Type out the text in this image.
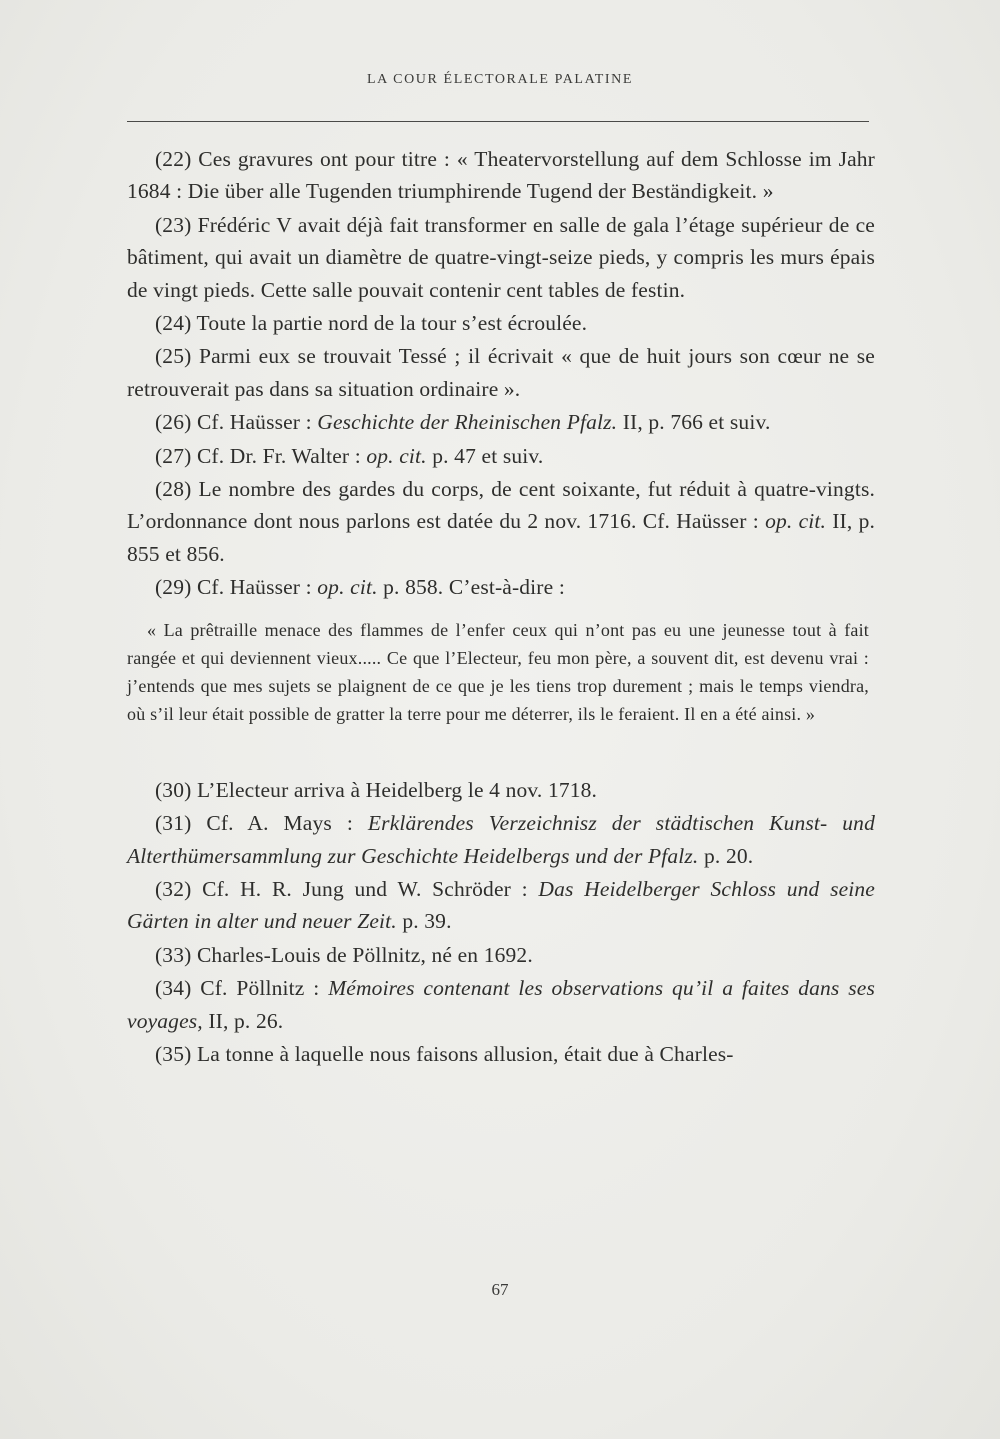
LA COUR ÉLECTORALE PALATINE

(22) Ces gravures ont pour titre : « Theatervorstellung auf dem Schlosse im Jahr 1684 : Die über alle Tugenden triumphirende Tugend der Beständigkeit. »

(23) Frédéric V avait déjà fait transformer en salle de gala l’étage supérieur de ce bâtiment, qui avait un diamètre de quatre-vingt-seize pieds, y compris les murs épais de vingt pieds. Cette salle pouvait contenir cent tables de festin.

(24) Toute la partie nord de la tour s’est écroulée.

(25) Parmi eux se trouvait Tessé ; il écrivait « que de huit jours son cœur ne se retrouverait pas dans sa situation ordinaire ».

(26) Cf. Haüsser : Geschichte der Rheinischen Pfalz. II, p. 766 et suiv.

(27) Cf. Dr. Fr. Walter : op. cit. p. 47 et suiv.

(28) Le nombre des gardes du corps, de cent soixante, fut réduit à quatre-vingts. L’ordonnance dont nous parlons est datée du 2 nov. 1716. Cf. Haüsser : op. cit. II, p. 855 et 856.

(29) Cf. Haüsser : op. cit. p. 858. C’est-à-dire :

« La prêtraille menace des flammes de l’enfer ceux qui n’ont pas eu une jeunesse tout à fait rangée et qui deviennent vieux..... Ce que l’Electeur, feu mon père, a souvent dit, est devenu vrai : j’entends que mes sujets se plaignent de ce que je les tiens trop durement ; mais le temps viendra, où s’il leur était possible de gratter la terre pour me déterrer, ils le feraient. Il en a été ainsi. »

(30) L’Electeur arriva à Heidelberg le 4 nov. 1718.

(31) Cf. A. Mays : Erklärendes Verzeichnisz der städtischen Kunst- und Alterthümersammlung zur Geschichte Heidelbergs und der Pfalz. p. 20.

(32) Cf. H. R. Jung und W. Schröder : Das Heidelberger Schloss und seine Gärten in alter und neuer Zeit. p. 39.

(33) Charles-Louis de Pöllnitz, né en 1692.

(34) Cf. Pöllnitz : Mémoires contenant les observations qu’il a faites dans ses voyages, II, p. 26.

(35) La tonne à laquelle nous faisons allusion, était due à Charles-

67
